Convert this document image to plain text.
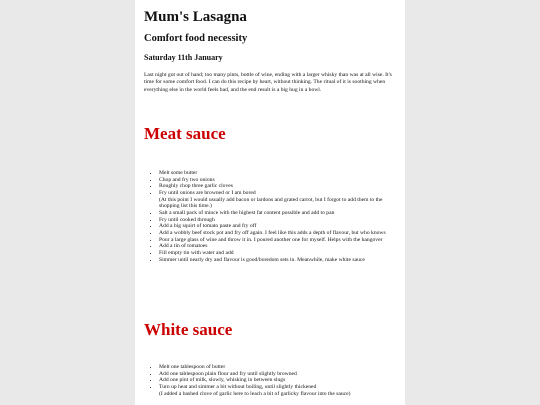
Mum's Lasagna
Comfort food necessity
Saturday 11th January

Last night got out of hand; too many pints, bottle of wine, ending with a larger whisky than was at all wise. It's time for some comfort food. I can do this recipe by heart, without thinking. The ritual of it is soothing when everything else in the world feels bad, and the end result is a big hug in a bowl.

Meat sauce
• Melt some butter
• Chop and fry two onions
• Roughly chop three garlic cloves
• Fry until onions are browned or I am bored
(At this point I would usually add bacon or lardons and grated carrot, but I forgot to add them to the shopping list this time.)
• Salt a small pack of mince with the highest fat content possible and add to pan
• Fry until cooked through
• Add a big squirt of tomato paste and fry off
• Add a wobbly beef stock pot and fry off again. I feel like this adds a depth of flavour, but who knows
• Pour a large glass of wine and throw it in. I poured another one for myself. Helps with the hangover
• Add a tin of tomatoes
• Fill empty tin with water and add
• Simmer until nearly dry and flavour is good/boredom sets in. Meanwhile, make white sauce
White sauce
• Melt one tablespoon of butter
• Add one tablespoon plain flour and fry until slightly browned
• Add one pint of milk, slowly, whisking in between slugs
• Turn up heat and simmer a bit without boiling, until slightly thickened
(I added a bashed clove of garlic here to leach a bit of garlicky flavour into the sauce)
